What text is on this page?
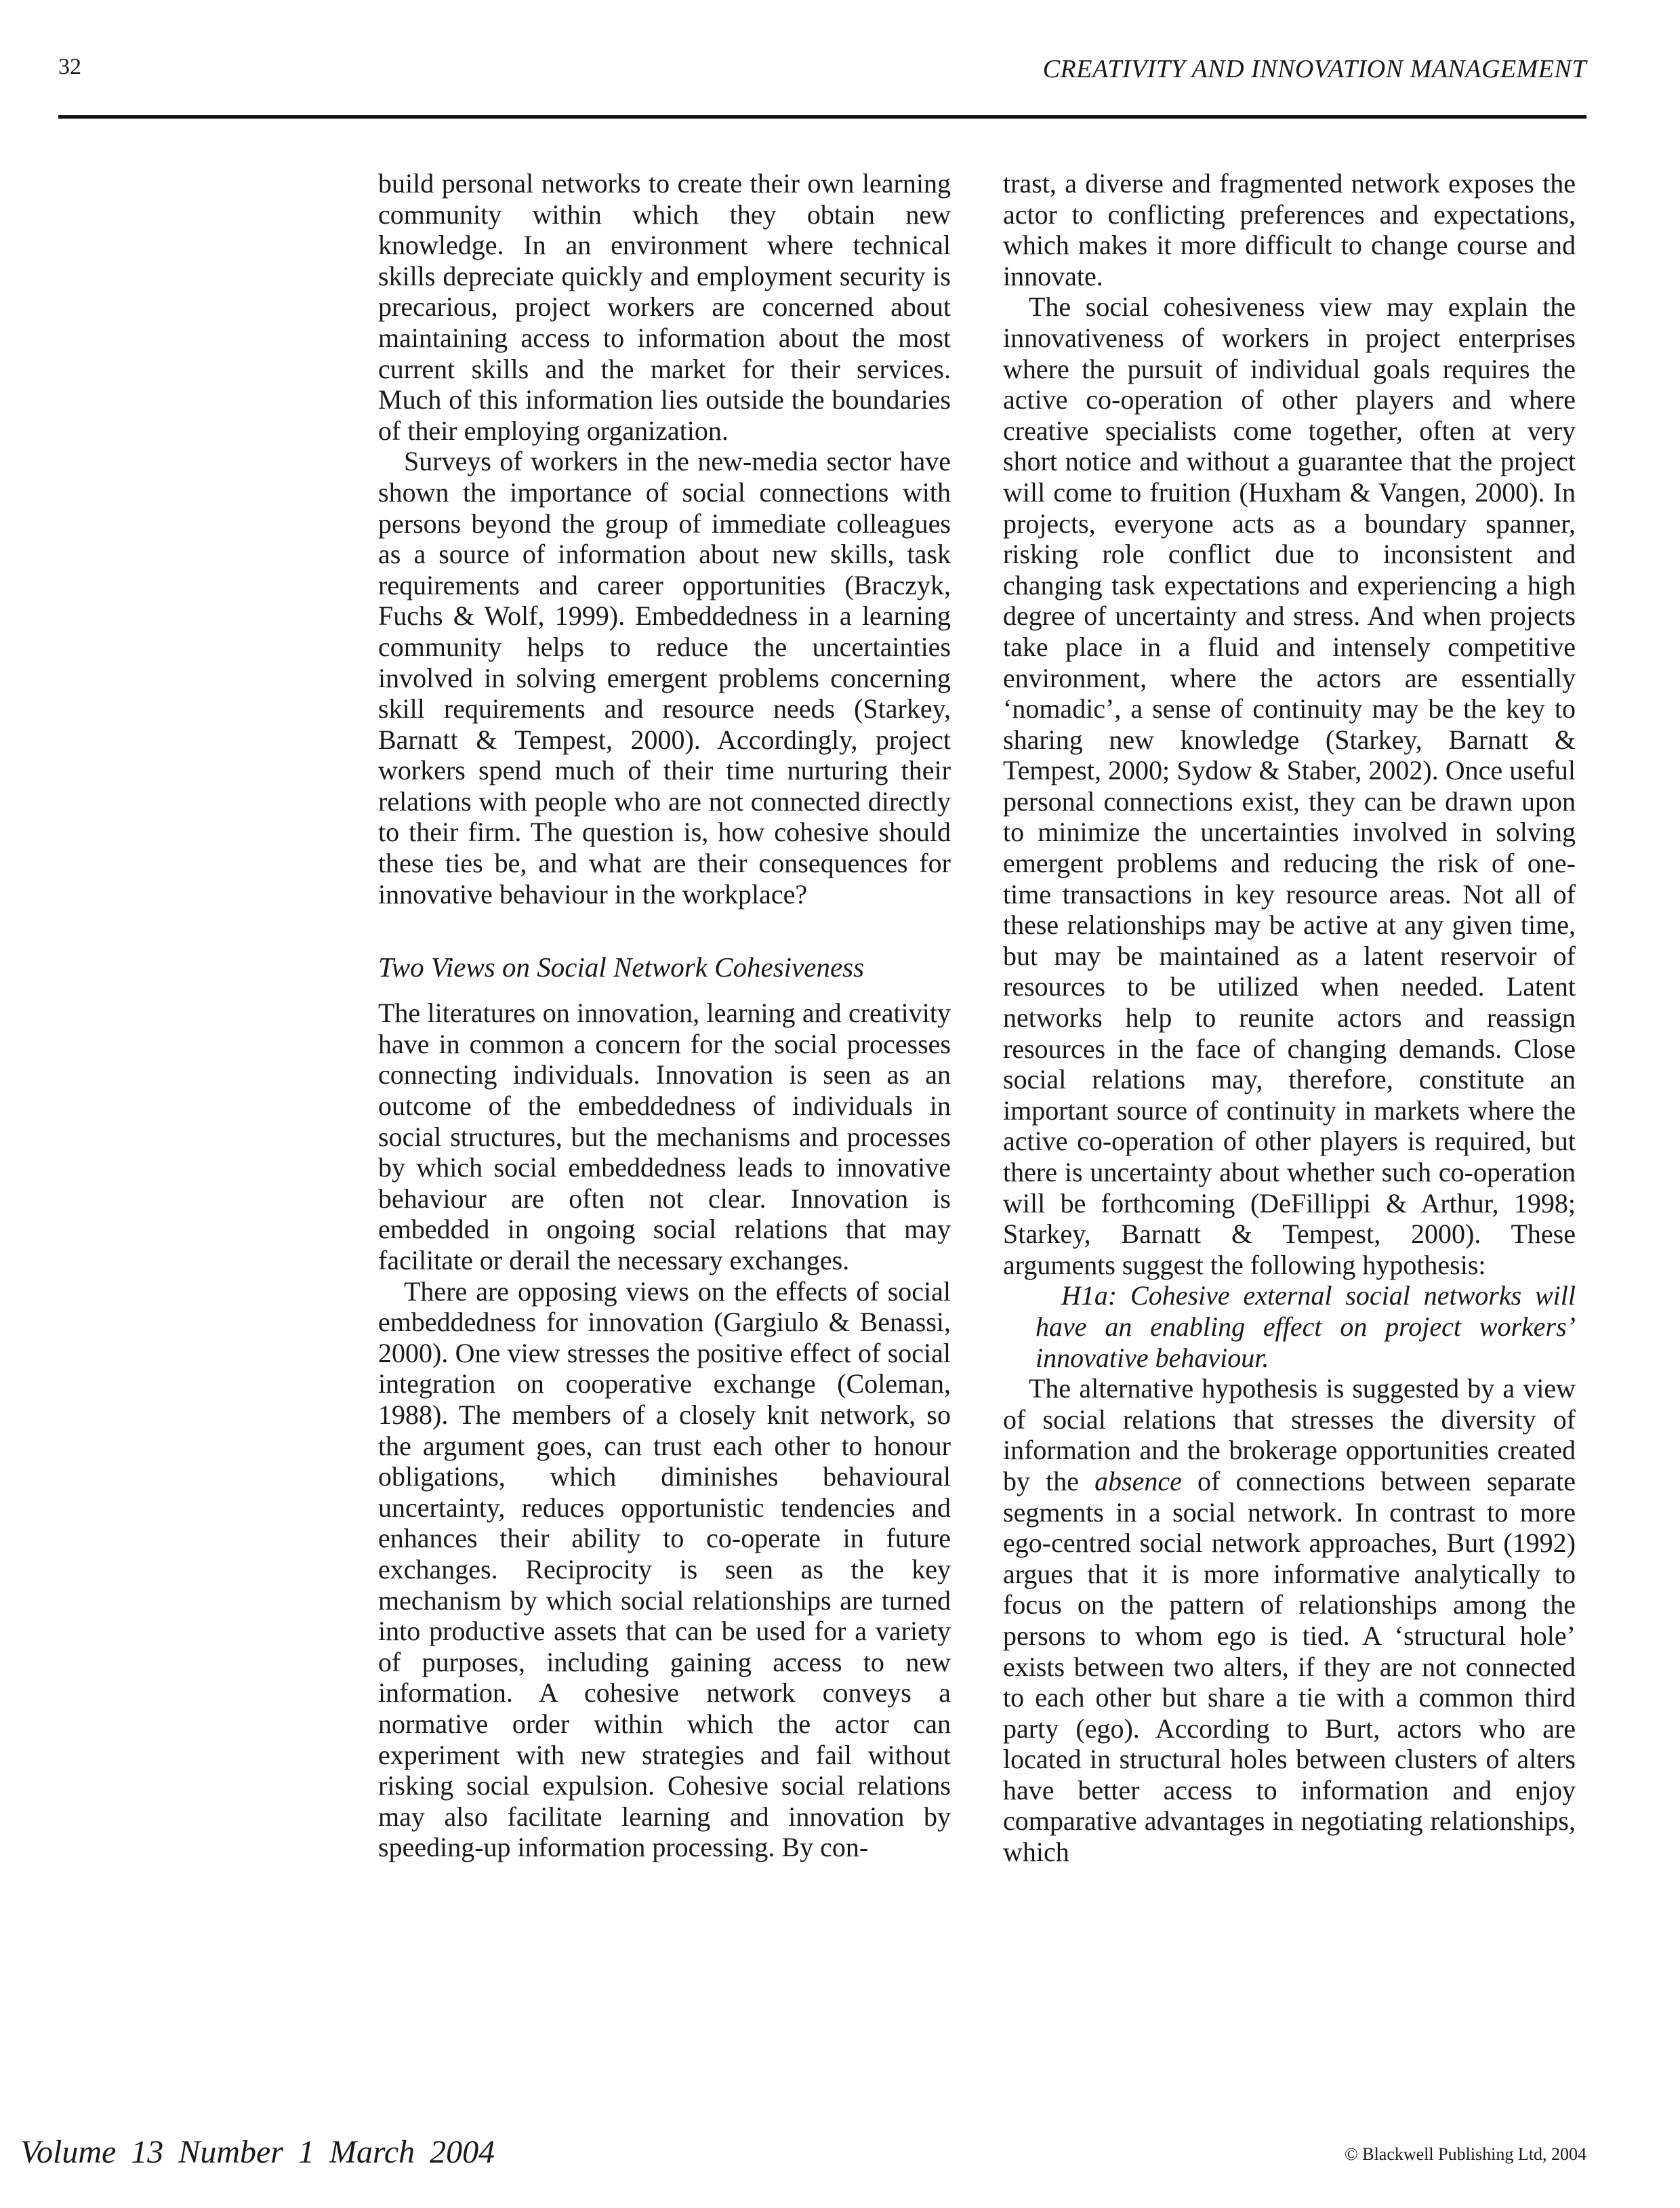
32	CREATIVITY AND INNOVATION MANAGEMENT

build personal networks to create their own learning community within which they obtain new knowledge. In an environment where technical skills depreciate quickly and employment security is precarious, project workers are concerned about maintaining access to information about the most current skills and the market for their services. Much of this information lies outside the boundaries of their employing organization.

Surveys of workers in the new-media sector have shown the importance of social connections with persons beyond the group of immediate colleagues as a source of information about new skills, task requirements and career opportunities (Braczyk, Fuchs & Wolf, 1999). Embeddedness in a learning community helps to reduce the uncertainties involved in solving emergent problems concerning skill requirements and resource needs (Starkey, Barnatt & Tempest, 2000). Accordingly, project workers spend much of their time nurturing their relations with people who are not connected directly to their firm. The question is, how cohesive should these ties be, and what are their consequences for innovative behaviour in the workplace?

Two Views on Social Network Cohesiveness

The literatures on innovation, learning and creativity have in common a concern for the social processes connecting individuals. Innovation is seen as an outcome of the embeddedness of individuals in social structures, but the mechanisms and processes by which social embeddedness leads to innovative behaviour are often not clear. Innovation is embedded in ongoing social relations that may facilitate or derail the necessary exchanges.

There are opposing views on the effects of social embeddedness for innovation (Gargiulo & Benassi, 2000). One view stresses the positive effect of social integration on cooperative exchange (Coleman, 1988). The members of a closely knit network, so the argument goes, can trust each other to honour obligations, which diminishes behavioural uncertainty, reduces opportunistic tendencies and enhances their ability to co-operate in future exchanges. Reciprocity is seen as the key mechanism by which social relationships are turned into productive assets that can be used for a variety of purposes, including gaining access to new information. A cohesive network conveys a normative order within which the actor can experiment with new strategies and fail without risking social expulsion. Cohesive social relations may also facilitate learning and innovation by speeding-up information processing. By con-

trast, a diverse and fragmented network exposes the actor to conflicting preferences and expectations, which makes it more difficult to change course and innovate.

The social cohesiveness view may explain the innovativeness of workers in project enterprises where the pursuit of individual goals requires the active co-operation of other players and where creative specialists come together, often at very short notice and without a guarantee that the project will come to fruition (Huxham & Vangen, 2000). In projects, everyone acts as a boundary spanner, risking role conflict due to inconsistent and changing task expectations and experiencing a high degree of uncertainty and stress. And when projects take place in a fluid and intensely competitive environment, where the actors are essentially ‘nomadic’, a sense of continuity may be the key to sharing new knowledge (Starkey, Barnatt & Tempest, 2000; Sydow & Staber, 2002). Once useful personal connections exist, they can be drawn upon to minimize the uncertainties involved in solving emergent problems and reducing the risk of one-time transactions in key resource areas. Not all of these relationships may be active at any given time, but may be maintained as a latent reservoir of resources to be utilized when needed. Latent networks help to reunite actors and reassign resources in the face of changing demands. Close social relations may, therefore, constitute an important source of continuity in markets where the active co-operation of other players is required, but there is uncertainty about whether such co-operation will be forthcoming (DeFillippi & Arthur, 1998; Starkey, Barnatt & Tempest, 2000). These arguments suggest the following hypothesis:

H1a: Cohesive external social networks will have an enabling effect on project workers’ innovative behaviour.

The alternative hypothesis is suggested by a view of social relations that stresses the diversity of information and the brokerage opportunities created by the absence of connections between separate segments in a social network. In contrast to more ego-centred social network approaches, Burt (1992) argues that it is more informative analytically to focus on the pattern of relationships among the persons to whom ego is tied. A ‘structural hole’ exists between two alters, if they are not connected to each other but share a tie with a common third party (ego). According to Burt, actors who are located in structural holes between clusters of alters have better access to information and enjoy comparative advantages in negotiating relationships, which

Volume 13 Number 1 March 2004	© Blackwell Publishing Ltd, 2004
